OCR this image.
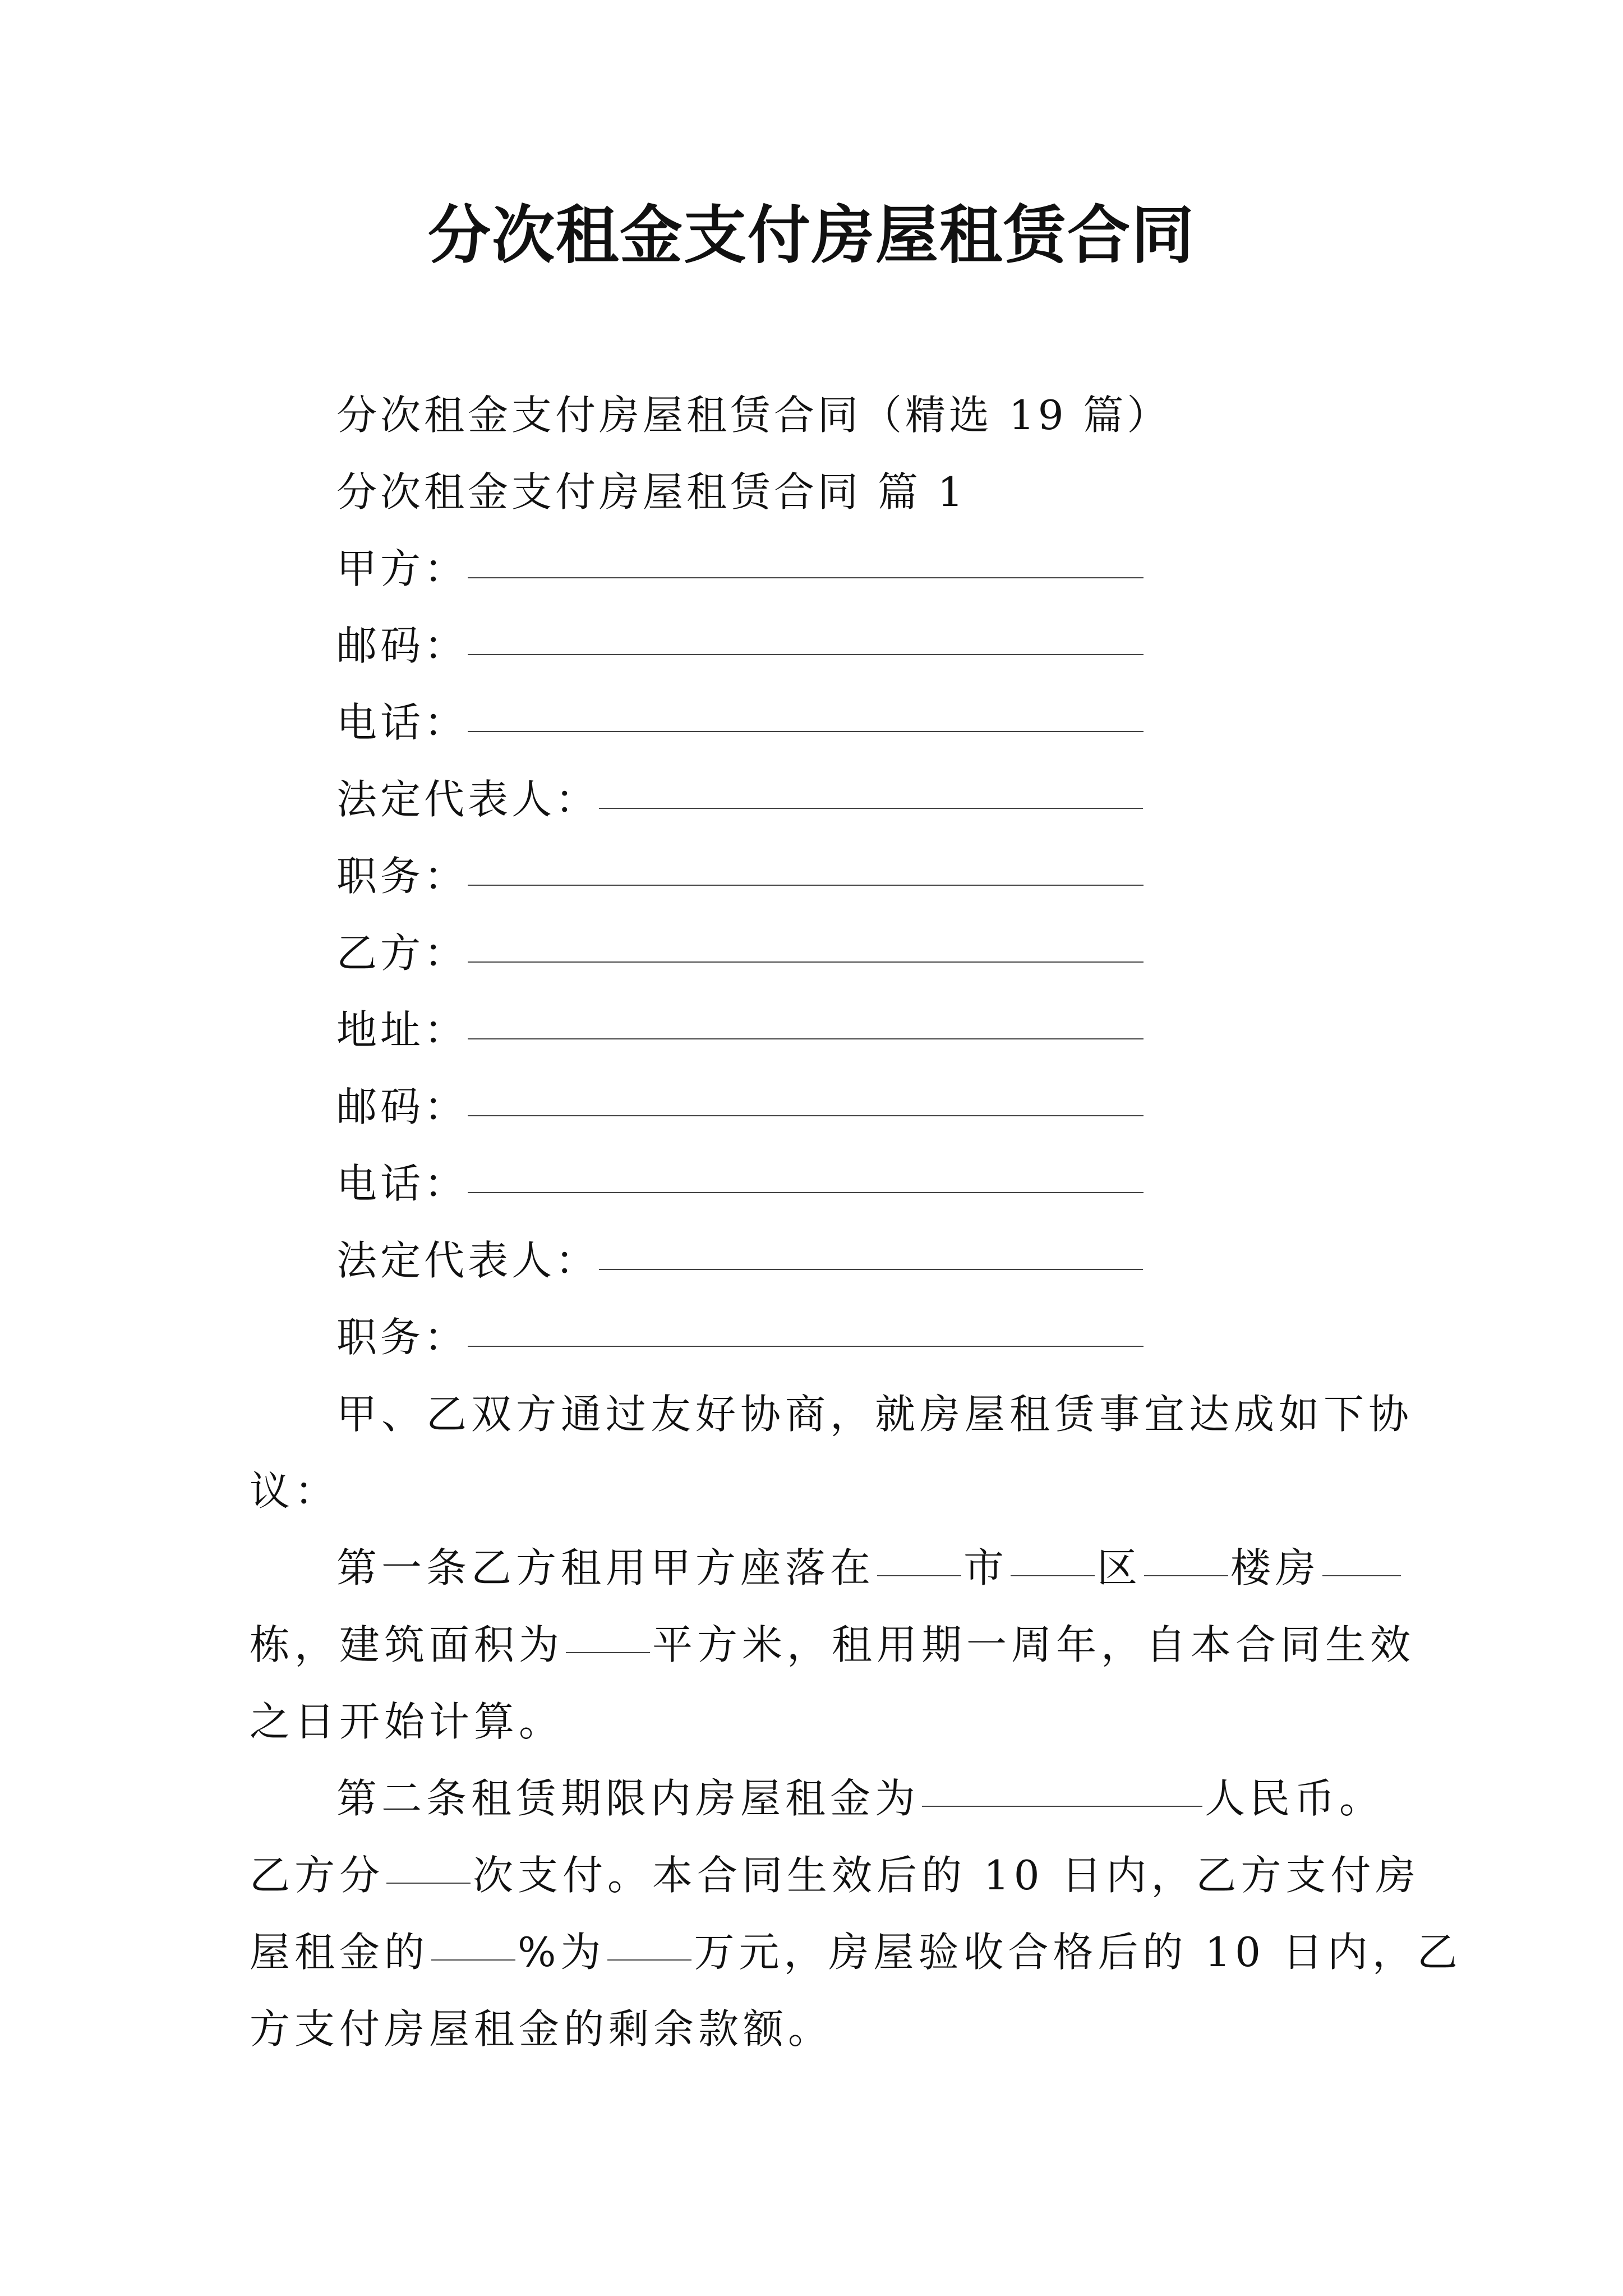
分次租金支付房屋租赁合同
分次租金支付房屋租赁合同（精选 19 篇）
分次租金支付房屋租赁合同 篇 1
甲方：
邮码：
电话：
法定代表人：
职务：
乙方：
地址：
邮码：
电话：
法定代表人：
职务：
甲、乙双方通过友好协商，就房屋租赁事宜达成如下协
议：
第一条乙方租用甲方座落在 市 区 楼房
栋，建筑面积为 平方米，租用期一周年，自本合同生效
之日开始计算。
第二条租赁期限内房屋租金为	人民币。
乙方分 次支付。本合同生效后的 10 日内，乙方支付房
屋租金的 %为 万元，房屋验收合格后的 10 日内，乙
方支付房屋租金的剩余款额。
